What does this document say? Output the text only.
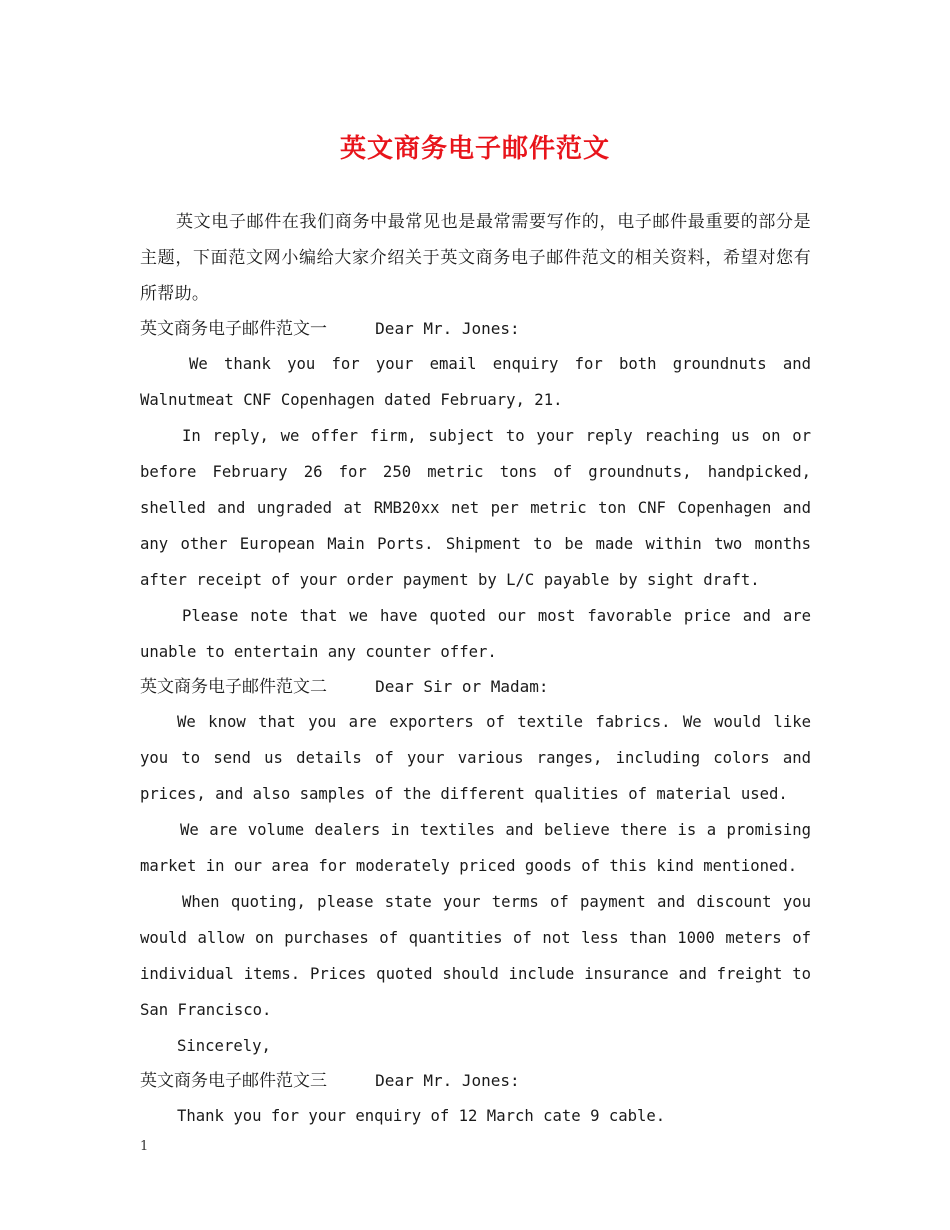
英文商务电子邮件范文

英文电子邮件在我们商务中最常见也是最常需要写作的，电子邮件最重要的部分是主题，下面范文网小编给大家介绍关于英文商务电子邮件范文的相关资料，希望对您有所帮助。

英文商务电子邮件范文一	Dear Mr. Jones:

We thank you for your email enquiry for both groundnuts and Walnutmeat CNF Copenhagen dated February, 21.

In reply, we offer firm, subject to your reply reaching us on or before February 26 for 250 metric tons of groundnuts, handpicked, shelled and ungraded at RMB20xx net per metric ton CNF Copenhagen and any other European Main Ports. Shipment to be made within two months after receipt of your order payment by L/C payable by sight draft.

Please note that we have quoted our most favorable price and are unable to entertain any counter offer.

英文商务电子邮件范文二	Dear Sir or Madam:

We know that you are exporters of textile fabrics. We would like you to send us details of your various ranges, including colors and prices, and also samples of the different qualities of material used.

We are volume dealers in textiles and believe there is a promising market in our area for moderately priced goods of this kind mentioned.

When quoting, please state your terms of payment and discount you would allow on purchases of quantities of not less than 1000 meters of individual items. Prices quoted should include insurance and freight to San Francisco.

Sincerely,

英文商务电子邮件范文三	Dear Mr. Jones:

Thank you for your enquiry of 12 March cate 9 cable.

1
